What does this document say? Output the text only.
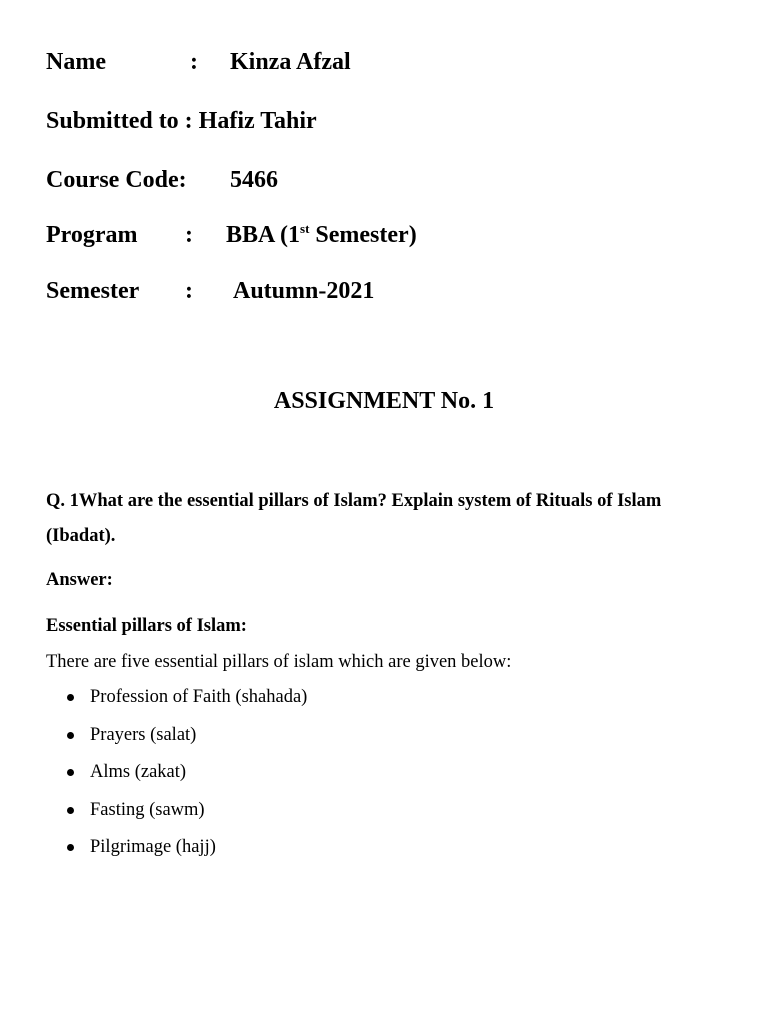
Name	: Kinza Afzal
Submitted to : Hafiz Tahir
Course Code: 5466
Program : BBA (1st Semester)
Semester : Autumn-2021
ASSIGNMENT No. 1
Q. 1What are the essential pillars of Islam? Explain system of Rituals of Islam (Ibadat).
Answer:
Essential pillars of Islam:
There are five essential pillars of islam which are given below:
Profession of Faith (shahada)
Prayers (salat)
Alms (zakat)
Fasting (sawm)
Pilgrimage (hajj)
